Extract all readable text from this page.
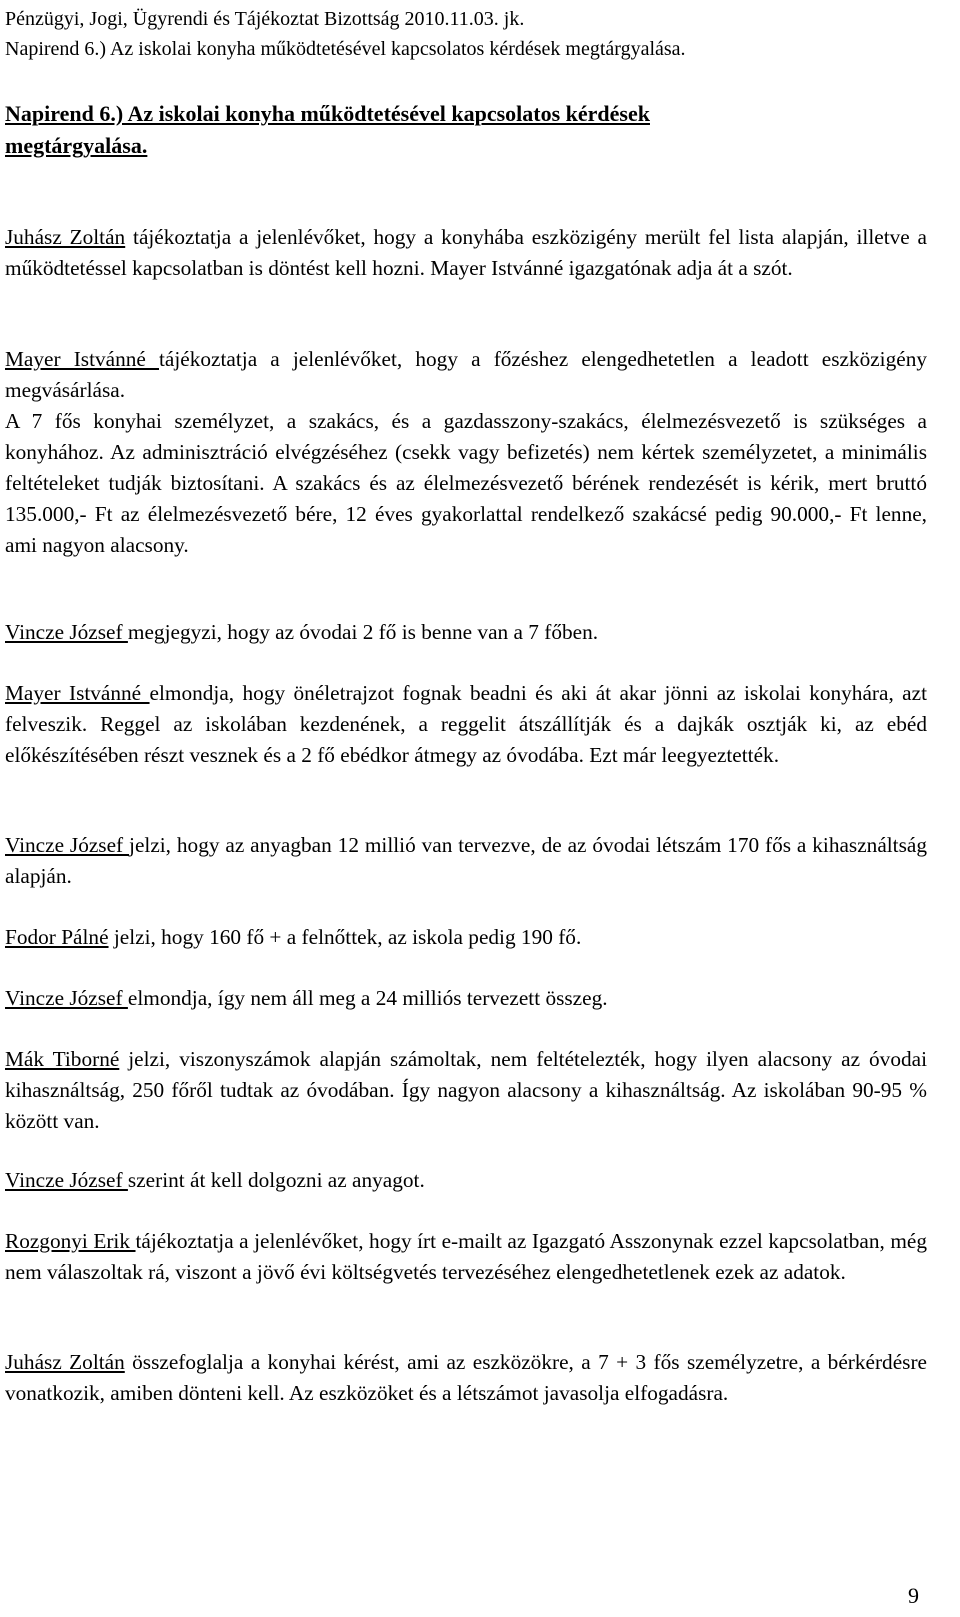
Pénzügyi, Jogi, Ügyrendi és Tájékoztat Bizottság 2010.11.03. jk.
Napirend 6.) Az iskolai konyha működtetésével kapcsolatos kérdések megtárgyalása.
Napirend 6.) Az iskolai konyha működtetésével kapcsolatos kérdések megtárgyalása.
Juhász Zoltán tájékoztatja a jelenlévőket, hogy a konyhába eszközigény merült fel lista alapján, illetve a működtetéssel kapcsolatban is döntést kell hozni. Mayer Istvánné igazgatónak adja át a szót.
Mayer Istvánné tájékoztatja a jelenlévőket, hogy a főzéshez elengedhetetlen a leadott eszközigény megvásárlása.
A 7 fős konyhai személyzet, a szakács, és a gazdasszony-szakács, élelmezésvezető is szükséges a konyhához. Az adminisztráció elvégzéséhez (csekk vagy befizetés) nem kértek személyzetet, a minimális feltételeket tudják biztosítani. A szakács és az élelmezésvezető bérének rendezését is kérik, mert bruttó 135.000,- Ft az élelmezésvezető bére, 12 éves gyakorlattal rendelkező szakácsé pedig 90.000,- Ft lenne, ami nagyon alacsony.
Vincze József megjegyzi, hogy az óvodai 2 fő is benne van a 7 főben.
Mayer Istvánné elmondja, hogy önéletrajzot fognak beadni és aki át akar jönni az iskolai konyhára, azt felveszik. Reggel az iskolában kezdenének, a reggelit átszállítják és a dajkák osztják ki, az ebéd előkészítésében részt vesznek és a 2 fő ebédkor átmegy az óvodába. Ezt már leegyeztették.
Vincze József jelzi, hogy az anyagban 12 millió van tervezve, de az óvodai létszám 170 fős a kihasználtság alapján.
Fodor Pálné jelzi, hogy 160 fő + a felnőttek, az iskola pedig 190 fő.
Vincze József elmondja, így nem áll meg a 24 milliós tervezett összeg.
Mák Tiborné jelzi, viszonyszámok alapján számoltak, nem feltételezték, hogy ilyen alacsony az óvodai kihasználtság, 250 főről tudtak az óvodában. Így nagyon alacsony a kihasználtság. Az iskolában 90-95 % között van.
Vincze József szerint át kell dolgozni az anyagot.
Rozgonyi Erik tájékoztatja a jelenlévőket, hogy írt e-mailt az Igazgató Asszonynak ezzel kapcsolatban, még nem válaszoltak rá, viszont a jövő évi költségvetés tervezéséhez elengedhetetlenek ezek az adatok.
Juhász Zoltán összefoglalja a konyhai kérést, ami az eszközökre, a 7 + 3 fős személyzetre, a bérkérdésre vonatkozik, amiben dönteni kell. Az eszközöket és a létszámot javasolja elfogadásra.
9
